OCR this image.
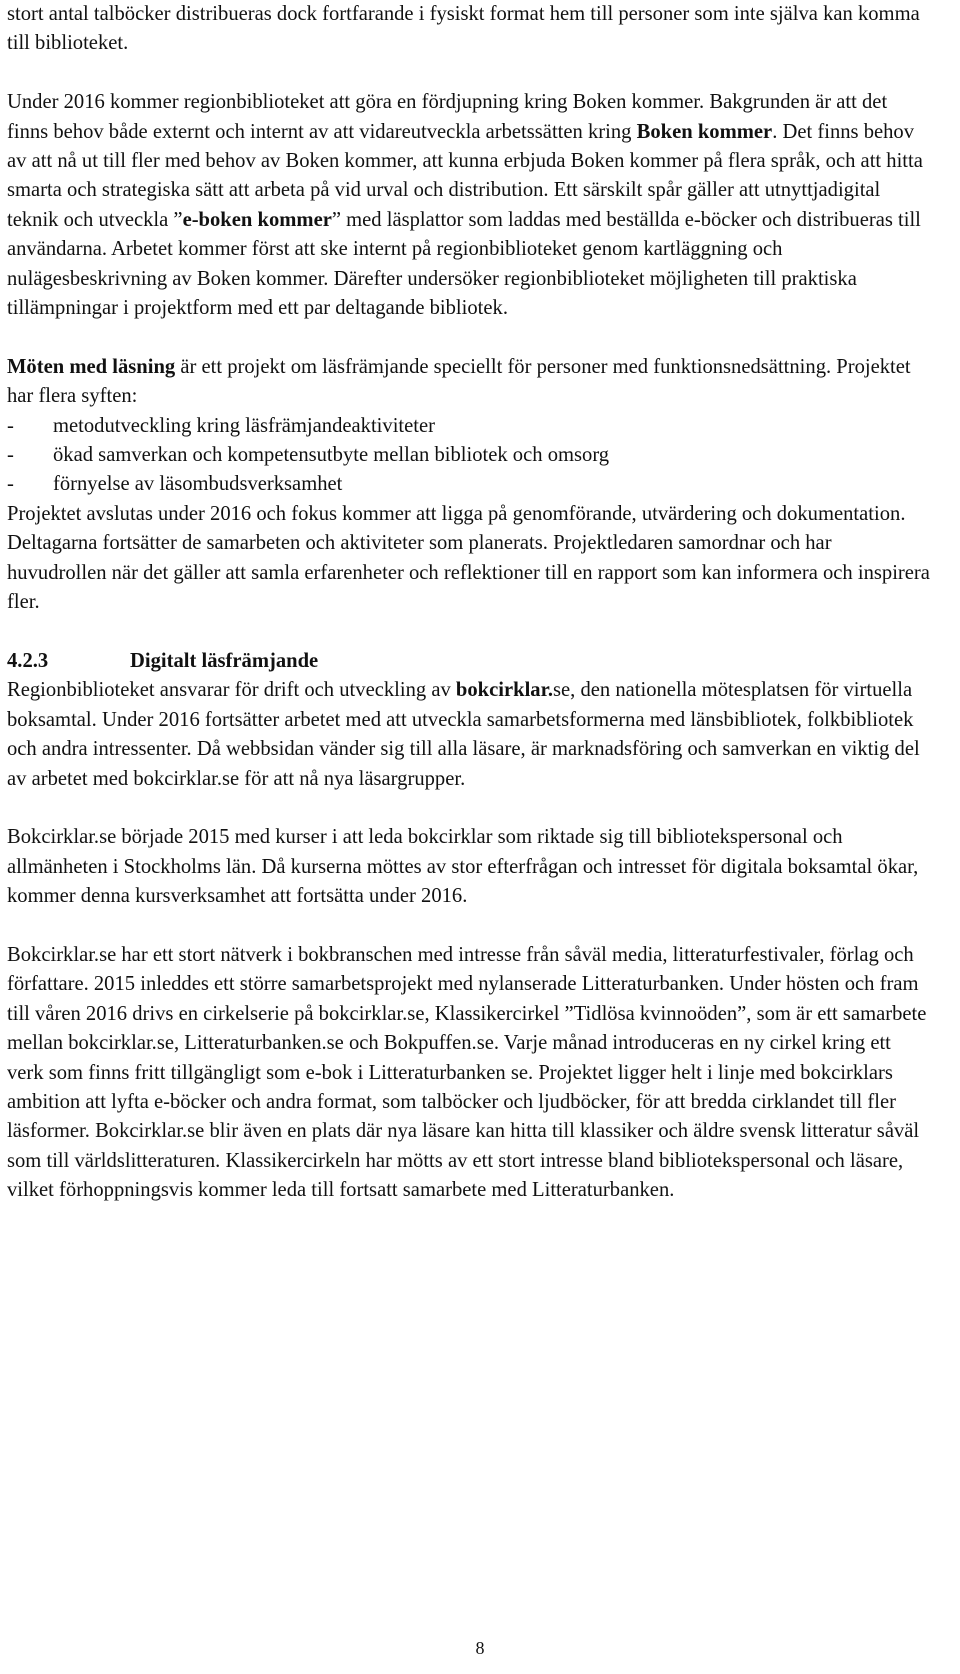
stort antal talböcker distribueras dock fortfarande i fysiskt format hem till personer som inte själva kan komma till biblioteket.

Under 2016 kommer regionbiblioteket att göra en fördjupning kring Boken kommer. Bakgrunden är att det finns behov både externt och internt av att vidareutveckla arbetssätten kring Boken kommer. Det finns behov av att nå ut till fler med behov av Boken kommer, att kunna erbjuda Boken kommer på flera språk, och att hitta smarta och strategiska sätt att arbeta på vid urval och distribution. Ett särskilt spår gäller att utnyttjadigital teknik och utveckla ”e-boken kommer” med läsplattor som laddas med beställda e-böcker och distribueras till användarna. Arbetet kommer först att ske internt på regionbiblioteket genom kartläggning och nulägesbeskrivning av Boken kommer. Därefter undersöker regionbiblioteket möjligheten till praktiska tillämpningar i projektform med ett par deltagande bibliotek.

Möten med läsning är ett projekt om läsfrämjande speciellt för personer med funktionsnedsättning. Projektet har flera syften:

-	metodutveckling kring läsfrämjandeaktiviteter
-	ökad samverkan och kompetensutbyte mellan bibliotek och omsorg
-	förnyelse av läsombudsverksamhet

Projektet avslutas under 2016 och fokus kommer att ligga på genomförande, utvärdering och dokumentation. Deltagarna fortsätter de samarbeten och aktiviteter som planerats. Projektledaren samordnar och har huvudrollen när det gäller att samla erfarenheter och reflektioner till en rapport som kan informera och inspirera fler.

4.2.3	Digitalt läsfrämjande

Regionbiblioteket ansvarar för drift och utveckling av bokcirklar.se, den nationella mötesplatsen för virtuella boksamtal. Under 2016 fortsätter arbetet med att utveckla samarbetsformerna med länsbibliotek, folkbibliotek och andra intressenter. Då webbsidan vänder sig till alla läsare, är marknadsföring och samverkan en viktig del av arbetet med bokcirklar.se för att nå nya läsargrupper.

Bokcirklar.se började 2015 med kurser i att leda bokcirklar som riktade sig till bibliotekspersonal och allmänheten i Stockholms län. Då kurserna möttes av stor efterfrågan och intresset för digitala boksamtal ökar, kommer denna kursverksamhet att fortsätta under 2016.

Bokcirklar.se har ett stort nätverk i bokbranschen med intresse från såväl media, litteraturfestivaler, förlag och författare. 2015 inleddes ett större samarbetsprojekt med nylanserade Litteraturbanken. Under hösten och fram till våren 2016 drivs en cirkelserie på bokcirklar.se, Klassikercirkel ”Tidlösa kvinnoöden”, som är ett samarbete mellan bokcirklar.se, Litteraturbanken.se och Bokpuffen.se. Varje månad introduceras en ny cirkel kring ett verk som finns fritt tillgängligt som e-bok i Litteraturbanken se. Projektet ligger helt i linje med bokcirklars ambition att lyfta e-böcker och andra format, som talböcker och ljudböcker, för att bredda cirklandet till fler läsformer. Bokcirklar.se blir även en plats där nya läsare kan hitta till klassiker och äldre svensk litteratur såväl som till världslitteraturen. Klassikercirkeln har mötts av ett stort intresse bland bibliotekspersonal och läsare, vilket förhoppningsvis kommer leda till fortsatt samarbete med Litteraturbanken.

8
